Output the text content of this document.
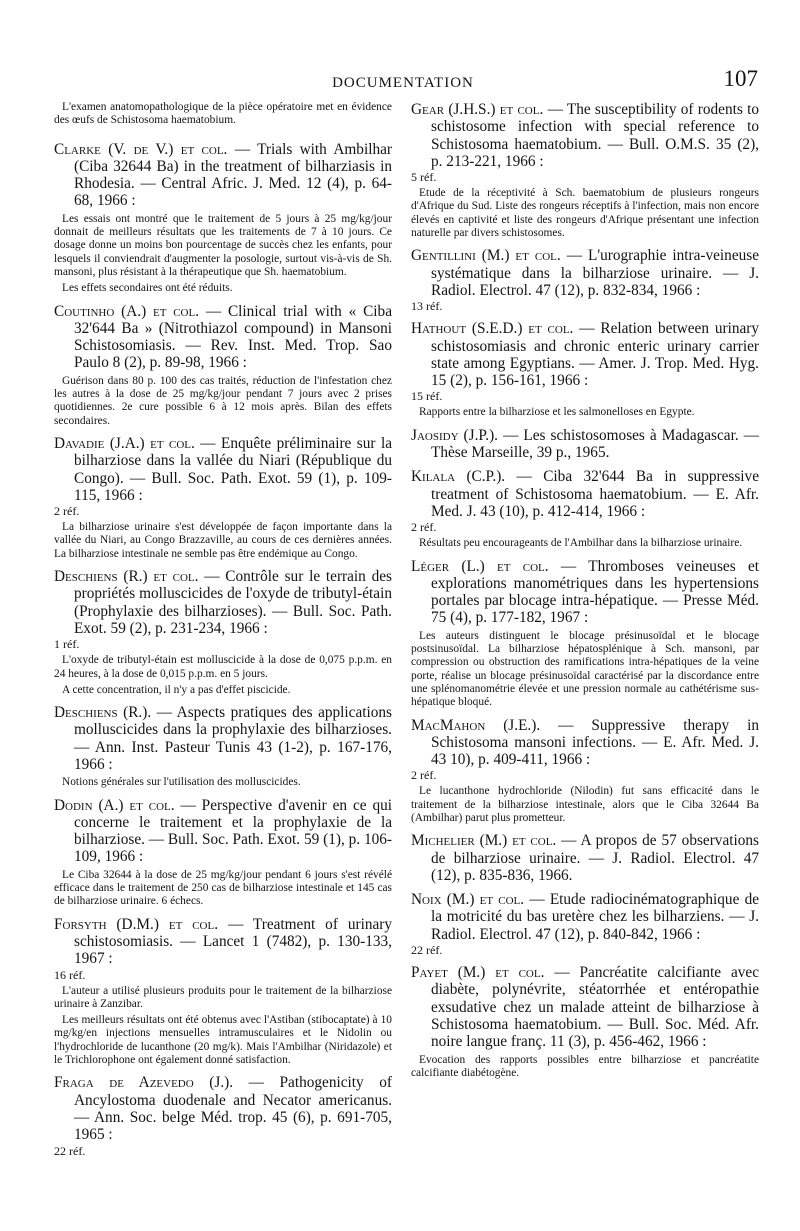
DOCUMENTATION	107

L'examen anatomopathologique de la pièce opératoire met en évidence des œufs de Schistosoma haematobium.

Clarke (V. de V.) et col. — Trials with Ambilhar (Ciba 32644 Ba) in the treatment of bilharziasis in Rhodesia. — Central Afric. J. Med. 12 (4), p. 64-68, 1966 :

Les essais ont montré que le traitement de 5 jours à 25 mg/kg/jour donnait de meilleurs résultats que les traitements de 7 à 10 jours. Ce dosage donne un moins bon pourcentage de succès chez les enfants, pour lesquels il conviendrait d'augmenter la posologie, surtout vis-à-vis de Sh. mansoni, plus résistant à la thérapeutique que Sh. haematobium.

Les effets secondaires ont été réduits.

Coutinho (A.) et col. — Clinical trial with « Ciba 32'644 Ba » (Nitrothiazol compound) in Mansoni Schistosomiasis. — Rev. Inst. Med. Trop. Sao Paulo 8 (2), p. 89-98, 1966 :

Guérison dans 80 p. 100 des cas traités, réduction de l'infestation chez les autres à la dose de 25 mg/kg/jour pendant 7 jours avec 2 prises quotidiennes. 2e cure possible 6 à 12 mois après. Bilan des effets secondaires.

Davadie (J.A.) et col. — Enquête préliminaire sur la bilharziose dans la vallée du Niari (République du Congo). — Bull. Soc. Path. Exot. 59 (1), p. 109-115, 1966 :

2 réf.

La bilharziose urinaire s'est développée de façon importante dans la vallée du Niari, au Congo Brazzaville, au cours de ces dernières années. La bilharziose intestinale ne semble pas être endémique au Congo.

Deschiens (R.) et col. — Contrôle sur le terrain des propriétés molluscicides de l'oxyde de tributyl-étain (Prophylaxie des bilharzioses). — Bull. Soc. Path. Exot. 59 (2), p. 231-234, 1966 :

1 réf.

L'oxyde de tributyl-étain est molluscicide à la dose de 0,075 p.p.m. en 24 heures, à la dose de 0,015 p.p.m. en 5 jours.

A cette concentration, il n'y a pas d'effet piscicide.

Deschiens (R.). — Aspects pratiques des applications molluscicides dans la prophylaxie des bilharzioses. — Ann. Inst. Pasteur Tunis 43 (1-2), p. 167-176, 1966 :

Notions générales sur l'utilisation des molluscicides.

Dodin (A.) et col. — Perspective d'avenir en ce qui concerne le traitement et la prophylaxie de la bilharziose. — Bull. Soc. Path. Exot. 59 (1), p. 106-109, 1966 :

Le Ciba 32644 à la dose de 25 mg/kg/jour pendant 6 jours s'est révélé efficace dans le traitement de 250 cas de bilharziose intestinale et 145 cas de bilharziose urinaire. 6 échecs.

Forsyth (D.M.) et col. — Treatment of urinary schistosomiasis. — Lancet 1 (7482), p. 130-133, 1967 :

16 réf.

L'auteur a utilisé plusieurs produits pour le traitement de la bilharziose urinaire à Zanzibar.

Les meilleurs résultats ont été obtenus avec l'Astiban (stibocaptate) à 10 mg/kg/en injections mensuelles intramusculaires et le Nidolin ou l'hydrochloride de lucanthone (20 mg/k). Mais l'Ambilhar (Niridazole) et le Trichlorophone ont également donné satisfaction.

Fraga de Azevedo (J.). — Pathogenicity of Ancylostoma duodenale and Necator americanus. — Ann. Soc. belge Méd. trop. 45 (6), p. 691-705, 1965 :

22 réf.

Gear (J.H.S.) et col. — The susceptibility of rodents to schistosome infection with special reference to Schistosoma haematobium. — Bull. O.M.S. 35 (2), p. 213-221, 1966 :

5 réf.

Etude de la réceptivité à Sch. baematobium de plusieurs rongeurs d'Afrique du Sud. Liste des rongeurs réceptifs à l'infection, mais non encore élevés en captivité et liste des rongeurs d'Afrique présentant une infection naturelle par divers schistosomes.

Gentillini (M.) et col. — L'urographie intra-veineuse systématique dans la bilharziose urinaire. — J. Radiol. Electrol. 47 (12), p. 832-834, 1966 :

13 réf.

Hathout (S.E.D.) et col. — Relation between urinary schistosomiasis and chronic enteric urinary carrier state among Egyptians. — Amer. J. Trop. Med. Hyg. 15 (2), p. 156-161, 1966 :

15 réf.

Rapports entre la bilharziose et les salmonelloses en Egypte.

Jaosidy (J.P.). — Les schistosomoses à Madagascar. — Thèse Marseille, 39 p., 1965.

Kilala (C.P.). — Ciba 32'644 Ba in suppressive treatment of Schistosoma haematobium. — E. Afr. Med. J. 43 (10), p. 412-414, 1966 :

2 réf.

Résultats peu encourageants de l'Ambilhar dans la bilharziose urinaire.

Léger (L.) et col. — Thromboses veineuses et explorations manométriques dans les hypertensions portales par blocage intra-hépatique. — Presse Méd. 75 (4), p. 177-182, 1967 :

Les auteurs distinguent le blocage présinusoïdal et le blocage postsinusoïdal. La bilharziose hépatosplénique à Sch. mansoni, par compression ou obstruction des ramifications intra-hépatiques de la veine porte, réalise un blocage présinusoïdal caractérisé par la discordance entre une splénomanométrie élevée et une pression normale au cathétérisme sus-hépatique bloqué.

MacMahon (J.E.). — Suppressive therapy in Schistosoma mansoni infections. — E. Afr. Med. J. 43 10), p. 409-411, 1966 :

2 réf.

Le lucanthone hydrochloride (Nilodin) fut sans efficacité dans le traitement de la bilharziose intestinale, alors que le Ciba 32644 Ba (Ambilhar) parut plus prometteur.

Michelier (M.) et col. — A propos de 57 observations de bilharziose urinaire. — J. Radiol. Electrol. 47 (12), p. 835-836, 1966.

Noix (M.) et col. — Etude radiocinématographique de la motricité du bas uretère chez les bilharziens. — J. Radiol. Electrol. 47 (12), p. 840-842, 1966 :

22 réf.

Payet (M.) et col. — Pancréatite calcifiante avec diabète, polynévrite, stéatorrhée et entéropathie exsudative chez un malade atteint de bilharziose à Schistosoma haematobium. — Bull. Soc. Méd. Afr. noire langue franç. 11 (3), p. 456-462, 1966 :

Evocation des rapports possibles entre bilharziose et pancréatite calcifiante diabétogène.
